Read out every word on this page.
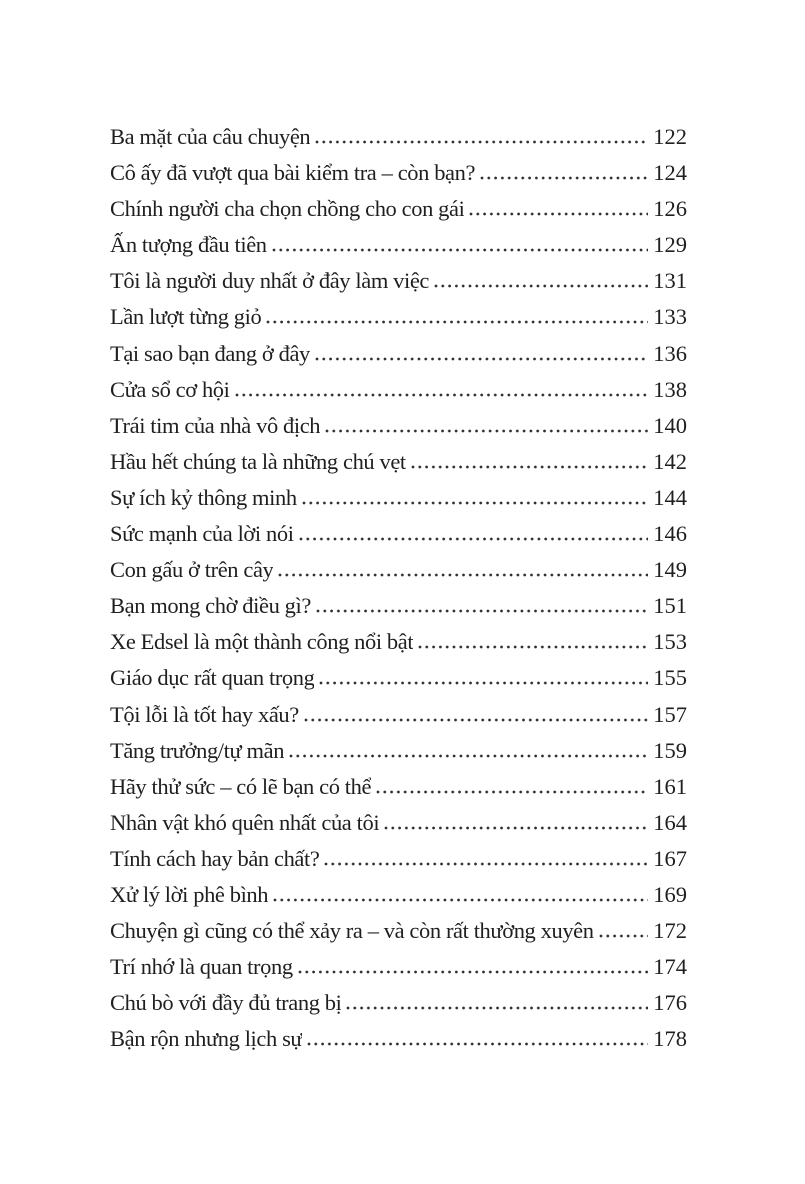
Ba mặt của câu chuyện	122
Cô ấy đã vượt qua bài kiểm tra – còn bạn?	124
Chính người cha chọn chồng cho con gái	126
Ấn tượng đầu tiên	129
Tôi là người duy nhất ở đây làm việc	131
Lần lượt từng giỏ	133
Tại sao bạn đang ở đây	136
Cửa sổ cơ hội	138
Trái tim của nhà vô địch	140
Hầu hết chúng ta là những chú vẹt	142
Sự ích kỷ thông minh	144
Sức mạnh của lời nói	146
Con gấu ở trên cây	149
Bạn mong chờ điều gì?	151
Xe Edsel là một thành công nổi bật	153
Giáo dục rất quan trọng	155
Tội lỗi là tốt hay xấu?	157
Tăng trưởng/tự mãn	159
Hãy thử sức – có lẽ bạn có thể	161
Nhân vật khó quên nhất của tôi	164
Tính cách hay bản chất?	167
Xử lý lời phê bình	169
Chuyện gì cũng có thể xảy ra – và còn rất thường xuyên	172
Trí nhớ là quan trọng	174
Chú bò với đầy đủ trang bị	176
Bận rộn nhưng lịch sự	178
